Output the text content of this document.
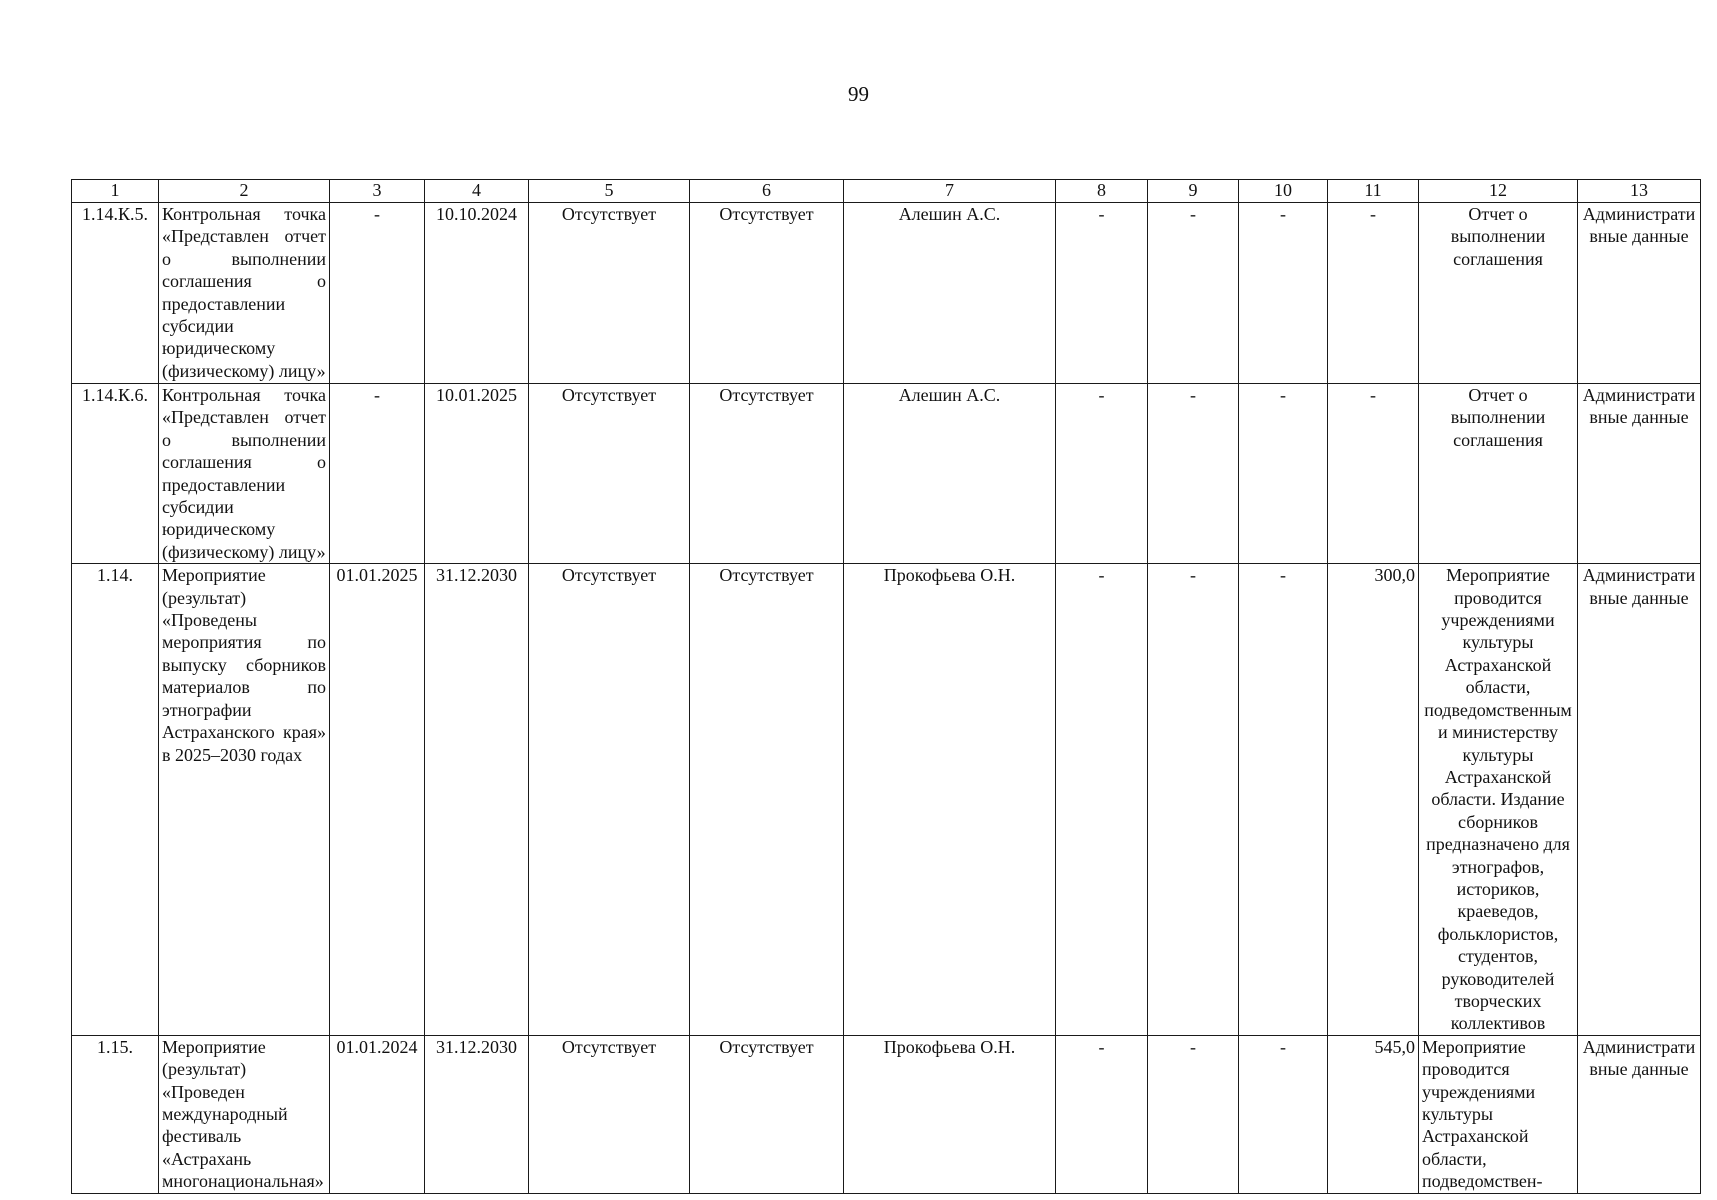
99
1	2	3	4	5	6	7	8	9	10	11	12	13
1.14.К.5.	Контрольная точка «Представлен отчет о выполнении соглашения о предоставлении субсидии юридическому (физическому) лицу»	-	10.10.2024	Отсутствует	Отсутствует	Алешин А.С.	-	-	-	-	Отчет о выполнении соглашения	Административные данные
1.14.К.6.	Контрольная точка «Представлен отчет о выполнении соглашения о предоставлении субсидии юридическому (физическому) лицу»	-	10.01.2025	Отсутствует	Отсутствует	Алешин А.С.	-	-	-	-	Отчет о выполнении соглашения	Административные данные
1.14.	Мероприятие (результат) «Проведены мероприятия по выпуску сборников материалов по этнографии Астраханского края» в 2025–2030 годах	01.01.2025	31.12.2030	Отсутствует	Отсутствует	Прокофьева О.Н.	-	-	-	300,0	Мероприятие проводится учреждениями культуры Астраханской области, подведомственными министерству культуры Астраханской области. Издание сборников предназначено для этнографов, историков, краеведов, фольклористов, студентов, руководителей творческих коллективов	Административные данные
1.15.	Мероприятие (результат) «Проведен международный фестиваль «Астрахань многонациональная»	01.01.2024	31.12.2030	Отсутствует	Отсутствует	Прокофьева О.Н.	-	-	-	545,0	Мероприятие проводится учреждениями культуры Астраханской области, подведомствен-	Административные данные
